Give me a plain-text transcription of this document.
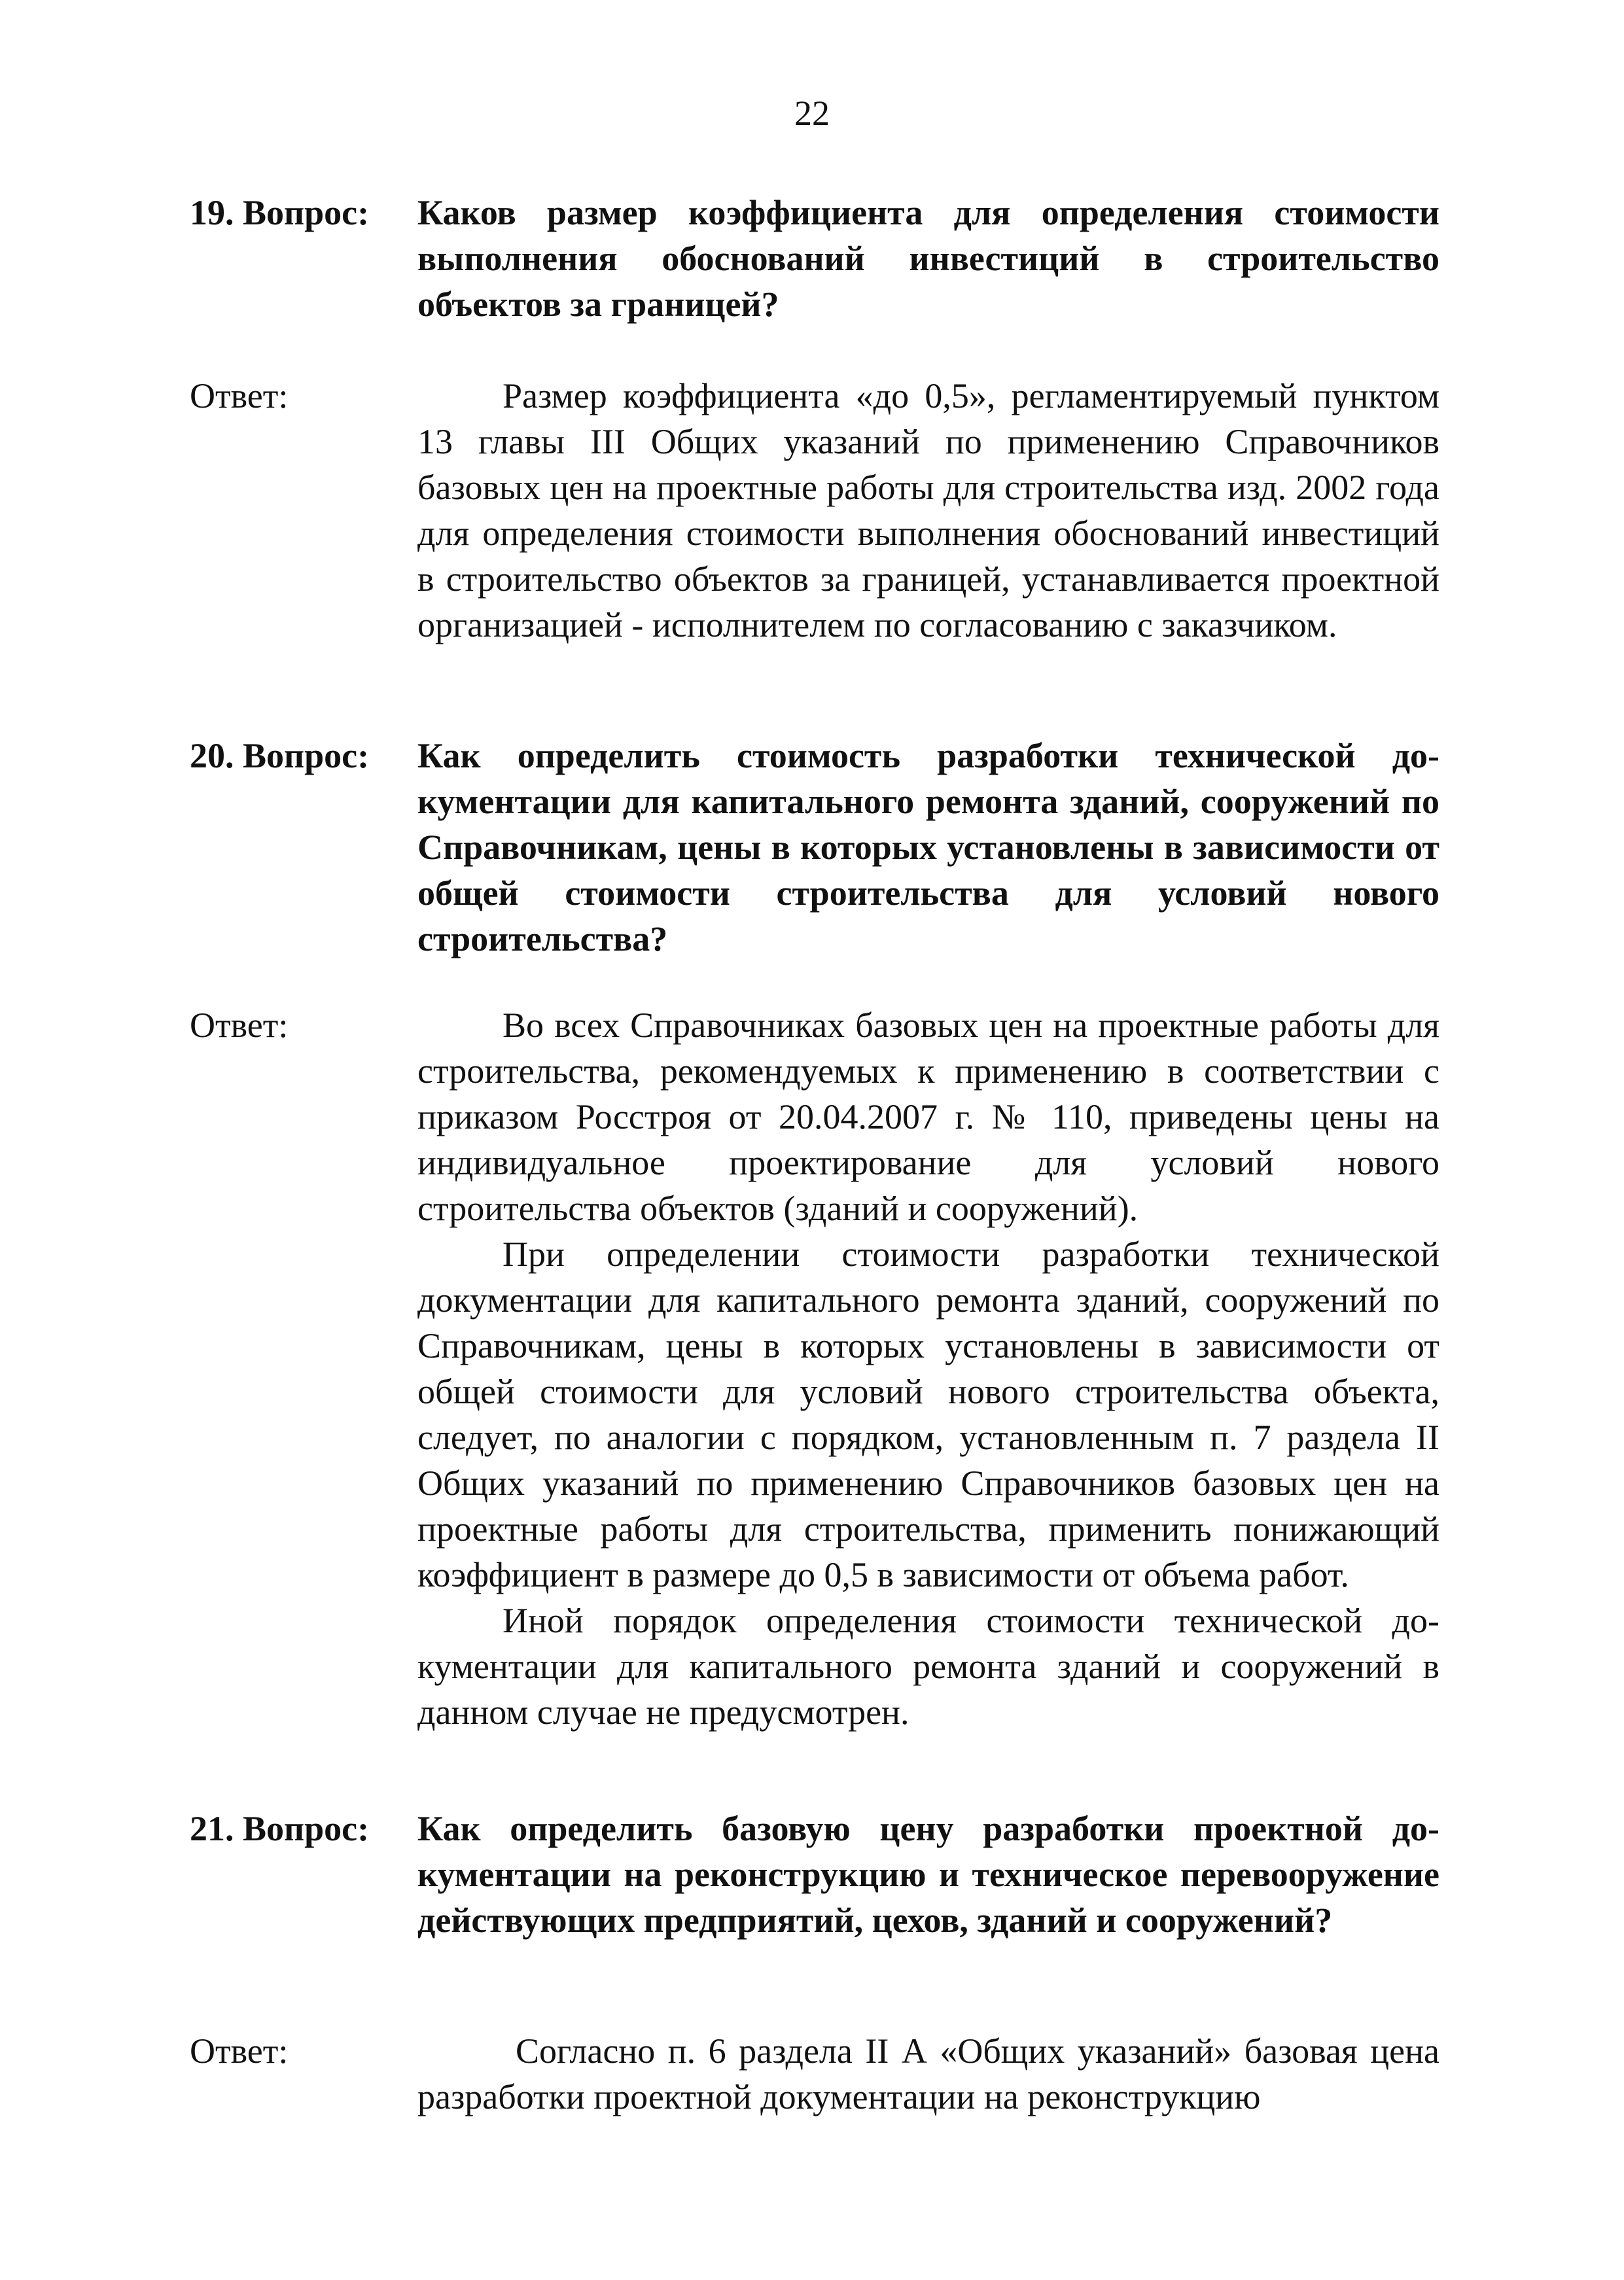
22
19. Вопрос: Каков размер коэффициента для определения стоимости выполнения обоснований инвестиций в строительство объектов за границей?
Ответ:	Размер коэффициента «до 0,5», регламентируемый пунктом 13 главы III Общих указаний по применению Справочников базовых цен на проектные работы для строительства изд. 2002 года для определения стоимости выполнения обоснований инвестиций в строительство объектов за границей, устанавливается проектной организацией - исполнителем по согласованию с заказчиком.

20. Вопрос: Как определить стоимость разработки технической документации для капитального ремонта зданий, сооружений по Справочникам, цены в которых установлены в зависимости от общей стоимости строительства для условий нового строительства?
Ответ:	Во всех Справочниках базовых цен на проектные работы для строительства, рекомендуемых к применению в соответствии с приказом Росстроя от 20.04.2007 г. № 110, приведены цены на индивидуальное проектирование для условий нового строительства объектов (зданий и сооружений).

При определении стоимости разработки технической документации для капитального ремонта зданий, сооружений по Справочникам, цены в которых установлены в зависимости от общей стоимости для условий нового строительства объекта, следует, по аналогии с порядком, установленным п. 7 раздела II Общих указаний по применению Справочников базовых цен на проектные работы для строительства, применить понижающий коэффициент в размере до 0,5 в зависимости от объема работ.

Иной порядок определения стоимости технической документации для капитального ремонта зданий и сооружений в данном случае не предусмотрен.

21. Вопрос: Как определить базовую цену разработки проектной документации на реконструкцию и техническое перевооружение действующих предприятий, цехов, зданий и сооружений?
Ответ:	Согласно п. 6 раздела II А «Общих указаний» базовая цена разработки проектной документации на реконструкцию
